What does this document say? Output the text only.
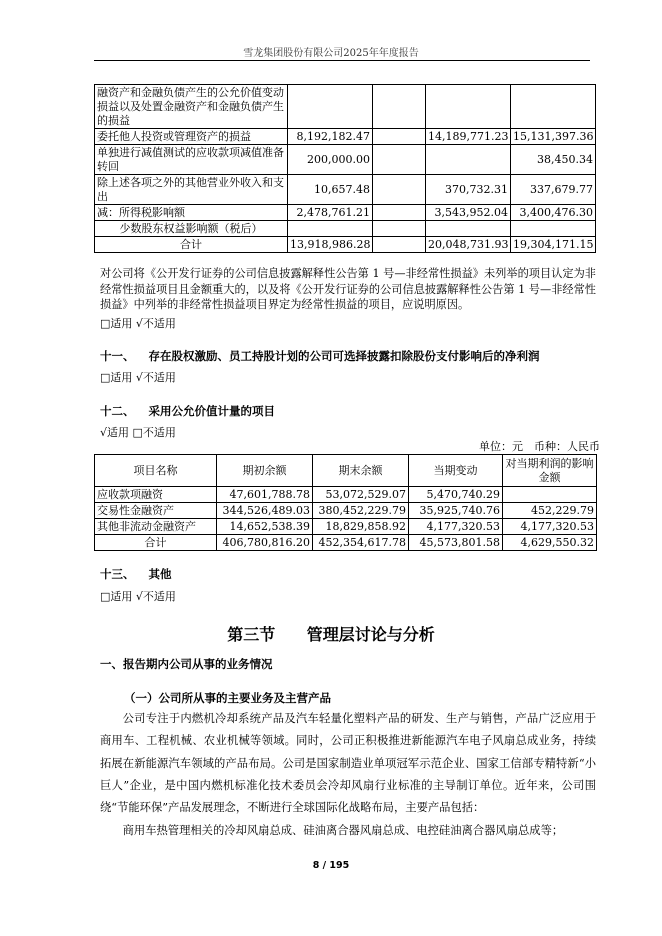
雪龙集团股份有限公司2025年年度报告
融资产和金融负债产生的公允价值变动损益以及处置金融资产和金融负债产生的损益				
委托他人投资或管理资产的损益	8,192,182.47		14,189,771.23	15,131,397.36
单独进行减值测试的应收款项减值准备转回	200,000.00			38,450.34
除上述各项之外的其他营业外收入和支出	10,657.48		370,732.31	337,679.77
减：所得税影响额	2,478,761.21		3,543,952.04	3,400,476.30
少数股东权益影响额（税后）				
合计	13,918,986.28		20,048,731.93	19,304,171.15
对公司将《公开发行证券的公司信息披露解释性公告第 1 号—非经常性损益》未列举的项目认定为非经常性损益项目且金额重大的，以及将《公开发行证券的公司信息披露解释性公告第 1 号—非经常性损益》中列举的非经常性损益项目界定为经常性损益的项目，应说明原因。
□适用 √不适用
十一、 存在股权激励、员工持股计划的公司可选择披露扣除股份支付影响后的净利润
□适用 √不适用
十二、 采用公允价值计量的项目
√适用 □不适用
单位：元　币种：人民币
项目名称	期初余额	期末余额	当期变动	对当期利润的影响金额
应收款项融资	47,601,788.78	53,072,529.07	5,470,740.29	
交易性金融资产	344,526,489.03	380,452,229.79	35,925,740.76	452,229.79
其他非流动金融资产	14,652,538.39	18,829,858.92	4,177,320.53	4,177,320.53
合计	406,780,816.20	452,354,617.78	45,573,801.58	4,629,550.32
十三、 其他
□适用 √不适用
第三节 管理层讨论与分析
一、报告期内公司从事的业务情况
（一）公司所从事的主要业务及主营产品
公司专注于内燃机冷却系统产品及汽车轻量化塑料产品的研发、生产与销售，产品广泛应用于商用车、工程机械、农业机械等领域。同时，公司正积极推进新能源汽车电子风扇总成业务，持续拓展在新能源汽车领域的产品布局。公司是国家制造业单项冠军示范企业、国家工信部专精特新“小巨人”企业，是中国内燃机标准化技术委员会冷却风扇行业标准的主导制订单位。近年来，公司围绕“节能环保”产品发展理念，不断进行全球国际化战略布局，主要产品包括：
商用车热管理相关的冷却风扇总成、硅油离合器风扇总成、电控硅油离合器风扇总成等；
8 / 195
